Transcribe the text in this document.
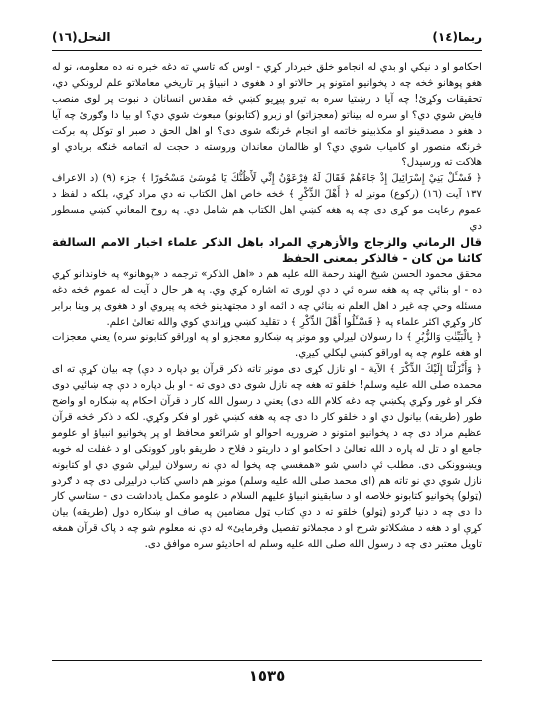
ربما(١٤)
النحل(١٦)

احکامو او د نیکي او بدي له انجامو خلق خبردار کړي - اوس که تاسي ته دغه خبره نه ده معلومه، نو له هغو پوهانو څخه چه د پخوانيو امتونو پر حالاتو او د هغوی د انبياؤ پر تاریخي معاملاتو علم لرونکي دي، تحقيقات وکړئ! چه آیا د رښتيا سره به تیرو پيړیو کښي څه مقدس انسانان د نبوت پر لوی منصب فايض شوي دي؟ او سره له بيناتو (معجزاتو) او زبرو (کتابونو) مبعوث شوي دي؟ او بيا دا وګورئ چه آیا د هغو د مصدقينو او مکذبينو خاتمه او انجام څرنګه شوی دی؟ او اهل الحق د صبر او توکل په برکت څرنګه منصور او کامياب شوي دي؟ او ظالمان معاندان وروسته د حجت له اتمامه څنګه بربادي او هلاکت ته ورسيدل؟

﴿ فَسْـَٔلْ بَنِيْ إِسْرَائِيلَ إِذْ جَاءَهُمْ فَقَالَ لَهُ فِرْعَوْنُ إِنِّي لَأَظُنُّكَ يَا مُوسَىٰ مَسْحُورًا ﴾ جزء (٩) (د الاعراف ١٣٧ آيت (١٦) (رکوع) مونږ له ﴿ أَهْلَ الذِّكْرِ ﴾ څخه خاص اهل الكتاب نه دي مراد کړي، بلکه د لفظ د عموم رعايت مو کړی دی چه په هغه کښي اهل الكتاب هم شامل دي. په روح المعاني کښي مسطور دي

قال الرماني والزجاج والأزهري المراد باهل الذکر علماء اخبار الامم السالفة كائنا من كان - فالذكر بمعنى الحفظ

محقق محمود الحسن شيخ الهند رحمة الله عليه هم د «اهل الذکر» ترجمه د «پوهانو» په خاوندانو کړي ده - او بنائي چه په هغه سره ئي د دې لوری ته اشاره کړي وي. په هر حال د آيت له عموم څخه دغه مسئله وحي چه غير د اهل العلم نه بنائي چه د ائمه او د مجتهدينو څخه په پیروي او د هغوی پر وينا برابر کار وکړي اکثر علماء په ﴿ فَسْـَٔلُوا أَهْلَ الذِّكْرِ ﴾ د تقليد کښي وړاندي کوي والله تعالیٰ اعلم.

﴿ بِالْبَيِّنٰتِ وَالزُّبُرِ ﴾ دا رسولان ليږلي وو مونږ په ښکارو معجزو او په اوراقو کتابونو سره) يعني معجزات او هغه علوم چه په اوراقو کښي ليکلي کيږي.

﴿ وَأَنْزَلْنَا إِلَيْكَ الذِّكْرَ ﴾ الآية - او نازل کړی دی مونږ تاته ذکر قرآن يو دپاره د دې) چه بيان کړې ته ای محمده صلی الله عليه وسلم! خلقو ته هغه چه نازل شوی دی دوی ته - او بل دپاره د دې چه ښائيي دوی فکر او غور وکړي پکښي چه دغه کلام الله دی) يعني د رسول الله کار د قرآن احکام په ښکاره او واضح طور (طريقه) بيانول دي او د خلقو کار دا دی چه په هغه کښي غور او فکر وکړي. لکه د ذکر څخه قرآن عظیم مراد دی چه د پخوانيو امتونو د ضروريه احوالو او شرائعو محافظ او پر پخوانيو انبياؤ او علومو جامع او د تل له پاره د الله تعالیٰ د احکامو او د داريتو د فلاح د طريقو باور کوونکی او د غفلت له خوبه ويښوونکی دی. مطلب ئې داسي شو «همغسي چه پخوا له دې نه رسولان ليږلي شوي دي او کتابونه نازل شوي دي نو تاته هم (ای محمد صلی الله عليه وسلم) مونږ هم داسي کتاب درليږلی دی چه د ګردو (ټولو) پخوانيو کتابونو خلاصه او د سابقينو انبياؤ عليهم السلام د علومو مکمل يادداشت دی - ستاسي کار دا دی چه د دنيا ګردو (ټولو) خلقو ته د دې کتاب ټول مضامين په صاف او ښکاره دول (طريقه) بيان کړې او د هغه د مشکلاتو شرح او د مجملاتو تفصيل وفرمايئ» له دې نه معلوم شو چه د پاک قرآن همغه تاويل معتبر دی چه د رسول الله صلی الله عليه وسلم له احاديثو سره موافق دی.

١٥٣٥
